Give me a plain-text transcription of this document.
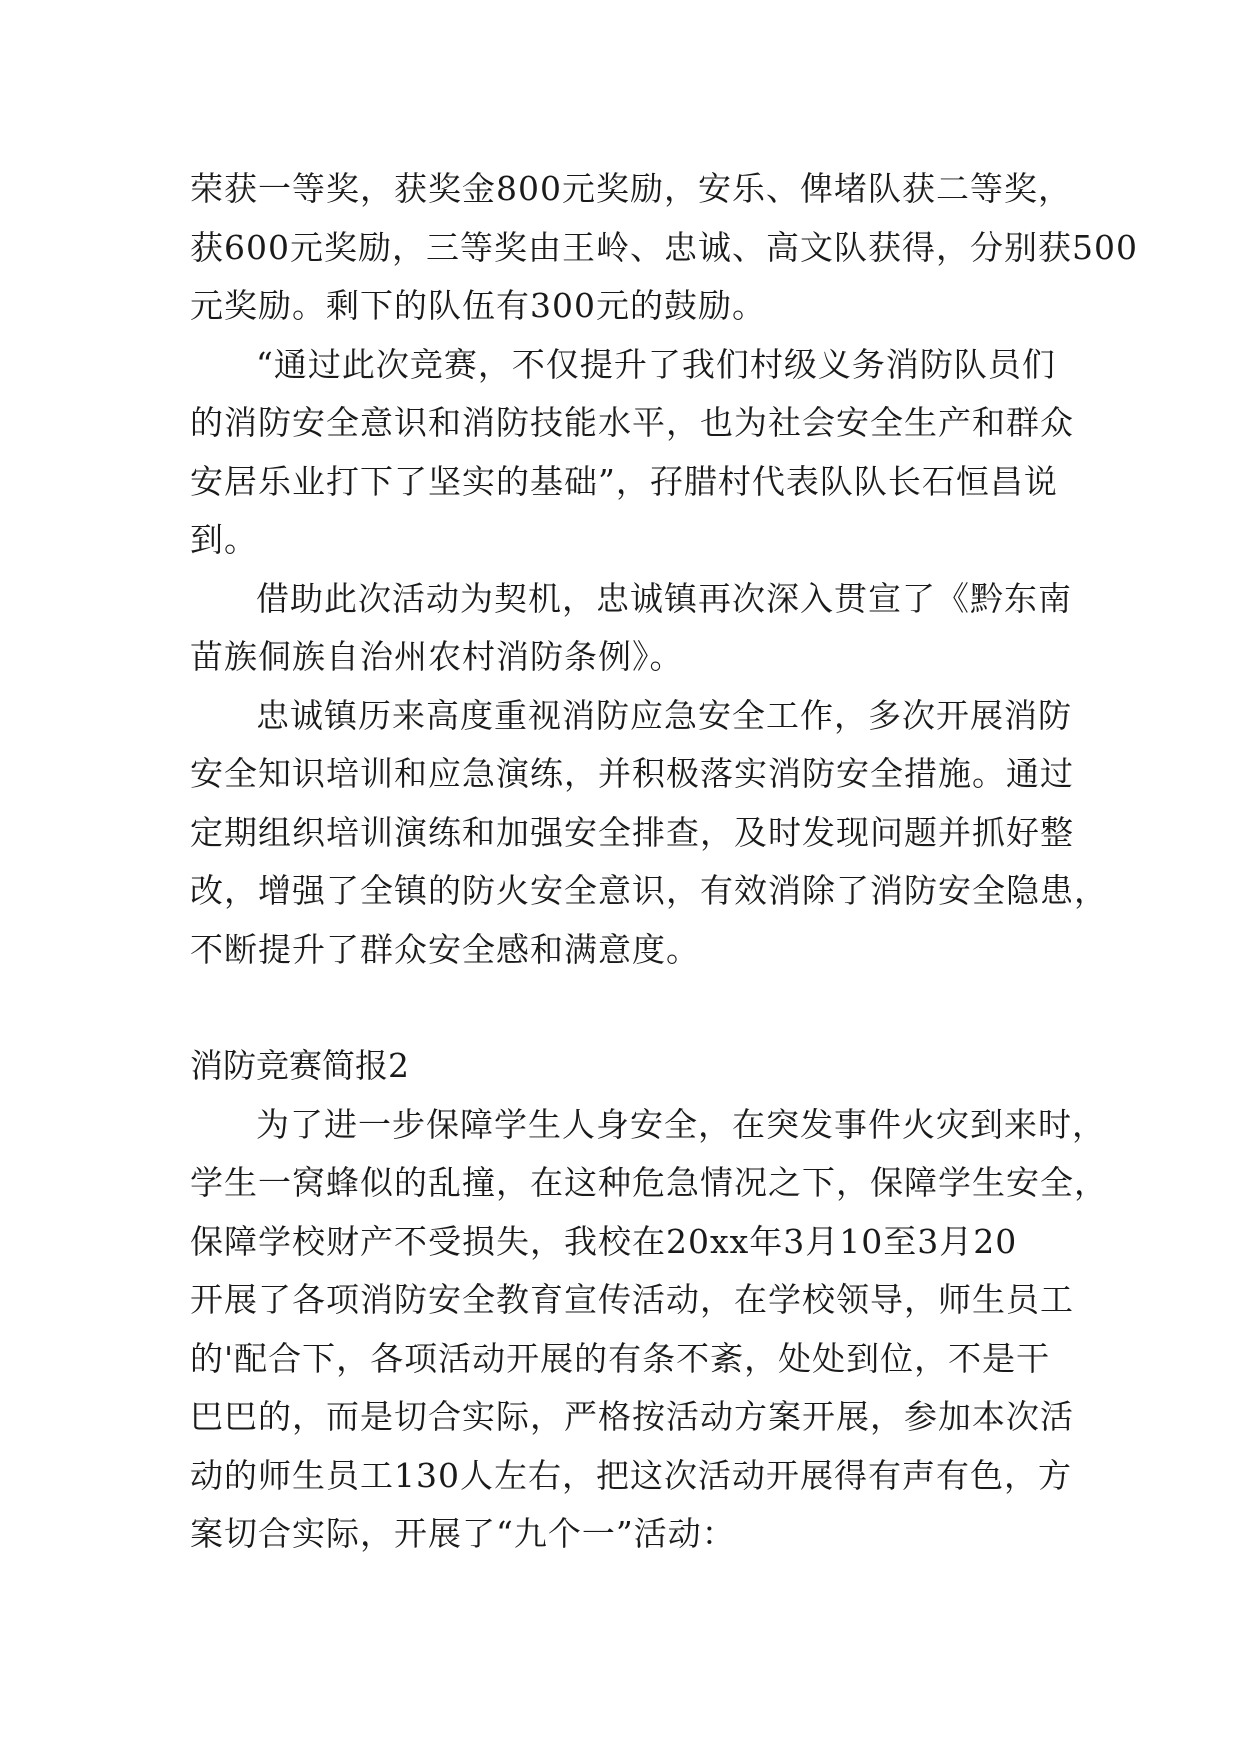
荣获一等奖，获奖金800元奖励，安乐、俾堵队获二等奖，
获600元奖励，三等奖由王岭、忠诚、高文队获得，分别获500
元奖励。剩下的队伍有300元的鼓励。
“通过此次竞赛，不仅提升了我们村级义务消防队员们
的消防安全意识和消防技能水平，也为社会安全生产和群众
安居乐业打下了坚实的基础”，孖腊村代表队队长石恒昌说
到。
借助此次活动为契机，忠诚镇再次深入贯宣了《黔东南
苗族侗族自治州农村消防条例》。
忠诚镇历来高度重视消防应急安全工作，多次开展消防
安全知识培训和应急演练，并积极落实消防安全措施。通过
定期组织培训演练和加强安全排查，及时发现问题并抓好整
改，增强了全镇的防火安全意识，有效消除了消防安全隐患，
不断提升了群众安全感和满意度。
消防竞赛简报2
为了进一步保障学生人身安全，在突发事件火灾到来时，
学生一窝蜂似的乱撞，在这种危急情况之下，保障学生安全，
保障学校财产不受损失，我校在20xx年3月10至3月20
开展了各项消防安全教育宣传活动，在学校领导，师生员工
的'配合下，各项活动开展的有条不紊，处处到位，不是干
巴巴的，而是切合实际，严格按活动方案开展，参加本次活
动的师生员工130人左右，把这次活动开展得有声有色，方
案切合实际，开展了“九个一”活动：
